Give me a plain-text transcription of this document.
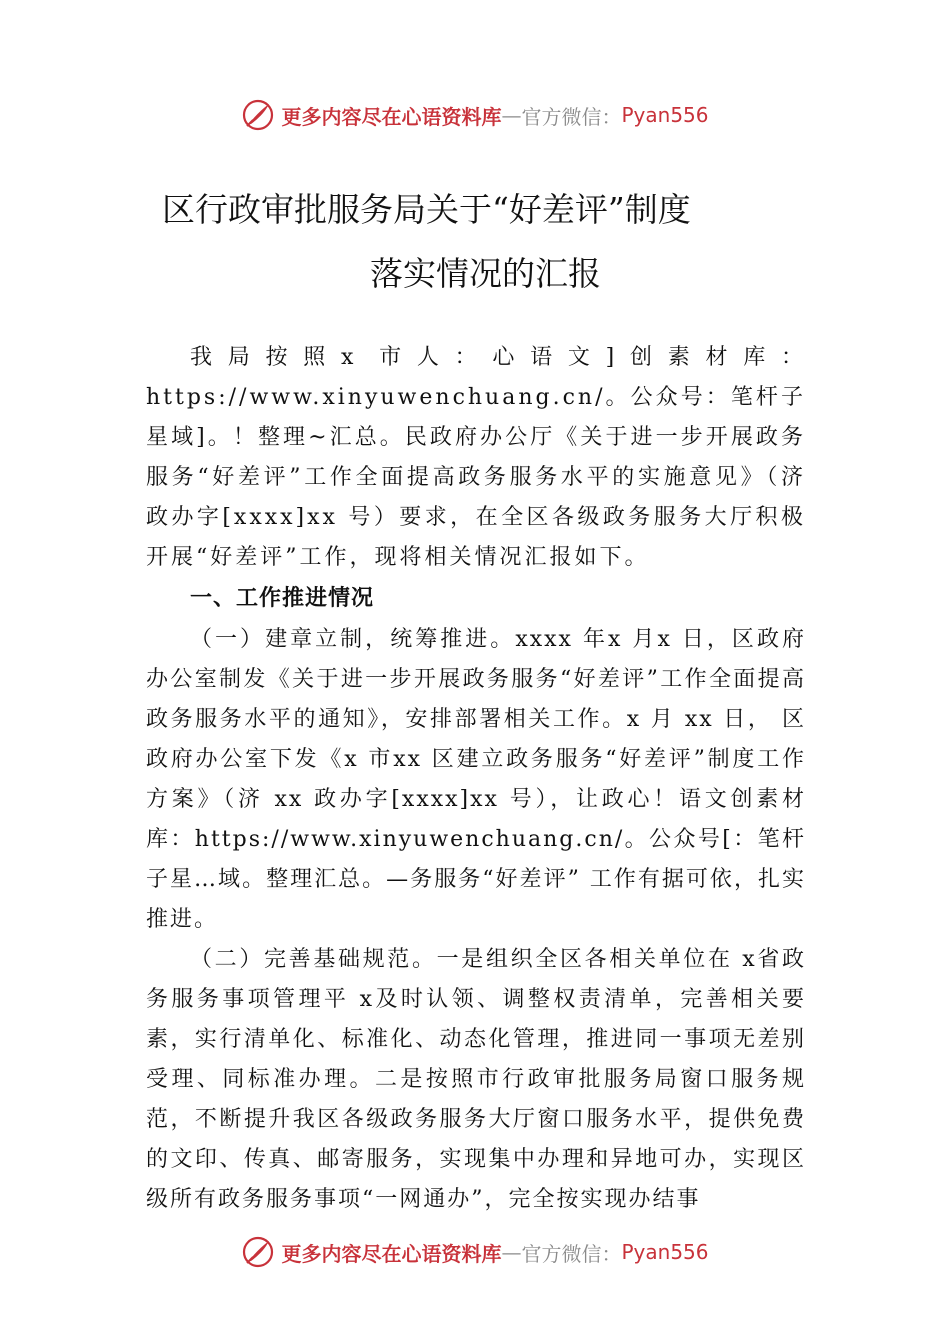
更多内容尽在心语资料库 — 官方微信： Pyan556
区行政审批服务局关于“好差评”制度
落实情况的汇报

我局按照x 市人：心语文]创素材库：https://www.xinyuwenchuang.cn/。公众号：笔杆子星域]。！整理~汇总。民政府办公厅《关于进一步开展政务服务“好差评”工作全面提高政务服务水平的实施意见》（济政办字[xxxx]xx 号）要求，在全区各级政务服务大厅积极开展“好差评”工作，现将相关情况汇报如下。

一、工作推进情况

（一）建章立制，统筹推进。xxxx 年x 月x 日，区政府办公室制发《关于进一步开展政务服务“好差评”工作全面提高政务服务水平的通知》，安排部署相关工作。x 月 xx 日， 区政府办公室下发《x 市xx 区建立政务服务“好差评”制度工作方案》（济 xx 政办字[xxxx]xx 号），让政心！语文创素材库：https://www.xinyuwenchuang.cn/。公众号[：笔杆子星…域。整理汇总。—务服务“好差评” 工作有据可依，扎实推进。

（二）完善基础规范。一是组织全区各相关单位在 x省政务服务事项管理平 x及时认领、调整权责清单，完善相关要素，实行清单化、标准化、动态化管理，推进同一事项无差别受理、同标准办理。二是按照市行政审批服务局窗口服务规范，不断提升我区各级政务服务大厅窗口服务水平，提供免费的文印、传真、邮寄服务，实现集中办理和异地可办，实现区级所有政务服务事项“一网通办”，完全按实现办结事

更多内容尽在心语资料库 — 官方微信： Pyan556
